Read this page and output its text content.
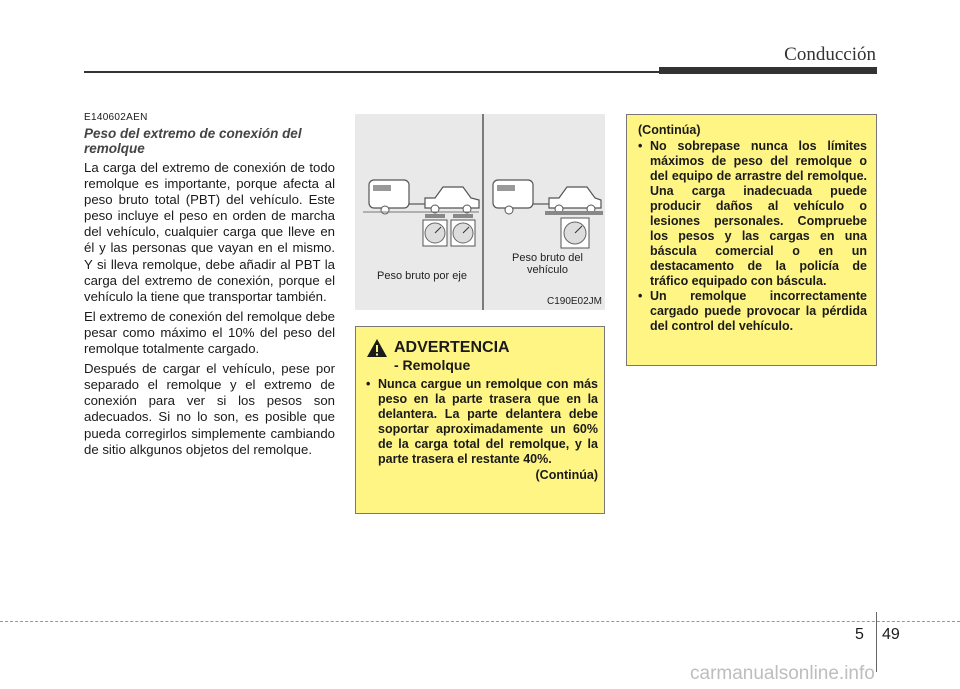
Conducción
E140602AEN
Peso del extremo de conexión del remolque

La carga del extremo de conexión de todo remolque es importante, porque afecta al peso bruto total (PBT) del vehículo. Este peso incluye el peso en orden de marcha del vehículo, cualquier carga que lleve en él y las personas que vayan en el mismo. Y si lleva remolque, debe añadir al PBT la carga del extremo de conexión, porque el vehículo la tiene que transportar también.

El extremo de conexión del remolque debe pesar como máximo el 10% del peso del remolque totalmente cargado.

Después de cargar el vehículo, pese por separado el remolque y el extremo de conexión para ver si los pesos son adecuados. Si no lo son, es posible que pueda corregirlos simplemente cambiando de sitio alkgunos objetos del remolque.

Peso bruto por eje
Peso bruto del
vehículo
C190E02JM
ADVERTENCIA
- Remolque
• Nunca cargue un remolque con más peso en la parte trasera que en la delantera. La parte delantera debe soportar aproximadamente un 60% de la carga total del remolque, y la parte trasera el restante 40%.
(Continúa)
(Continúa)
• No sobrepase nunca los límites máximos de peso del remolque o del equipo de arrastre del remolque. Una carga inadecuada puede producir daños al vehículo o lesiones personales. Compruebe los pesos y las cargas en una báscula comercial o en un destacamento de la policía de tráfico equipado con báscula.
• Un remolque incorrectamente cargado puede provocar la pérdida del control del vehículo.
5 49
carmanualsonline.info
